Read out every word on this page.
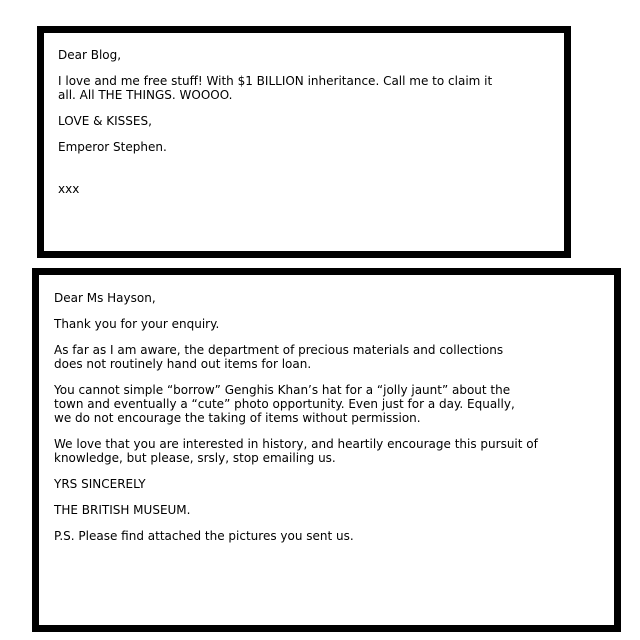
Dear Blog,

I love and me free stuff! With $1 BILLION inheritance. Call me to claim it

all. All THE THINGS. WOOOO.

LOVE & KISSES,

Emperor Stephen.

xxx

Dear Ms Hayson,

Thank you for your enquiry.

As far as I am aware, the department of precious materials and collections

does not routinely hand out items for loan.

You cannot simple “borrow” Genghis Khan’s hat for a “jolly jaunt” about the

town and eventually a “cute” photo opportunity. Even just for a day. Equally,

we do not encourage the taking of items without permission.

We love that you are interested in history, and heartily encourage this pursuit of

knowledge, but please, srsly, stop emailing us.

YRS SINCERELY

THE BRITISH MUSEUM.

P.S. Please find attached the pictures you sent us.
